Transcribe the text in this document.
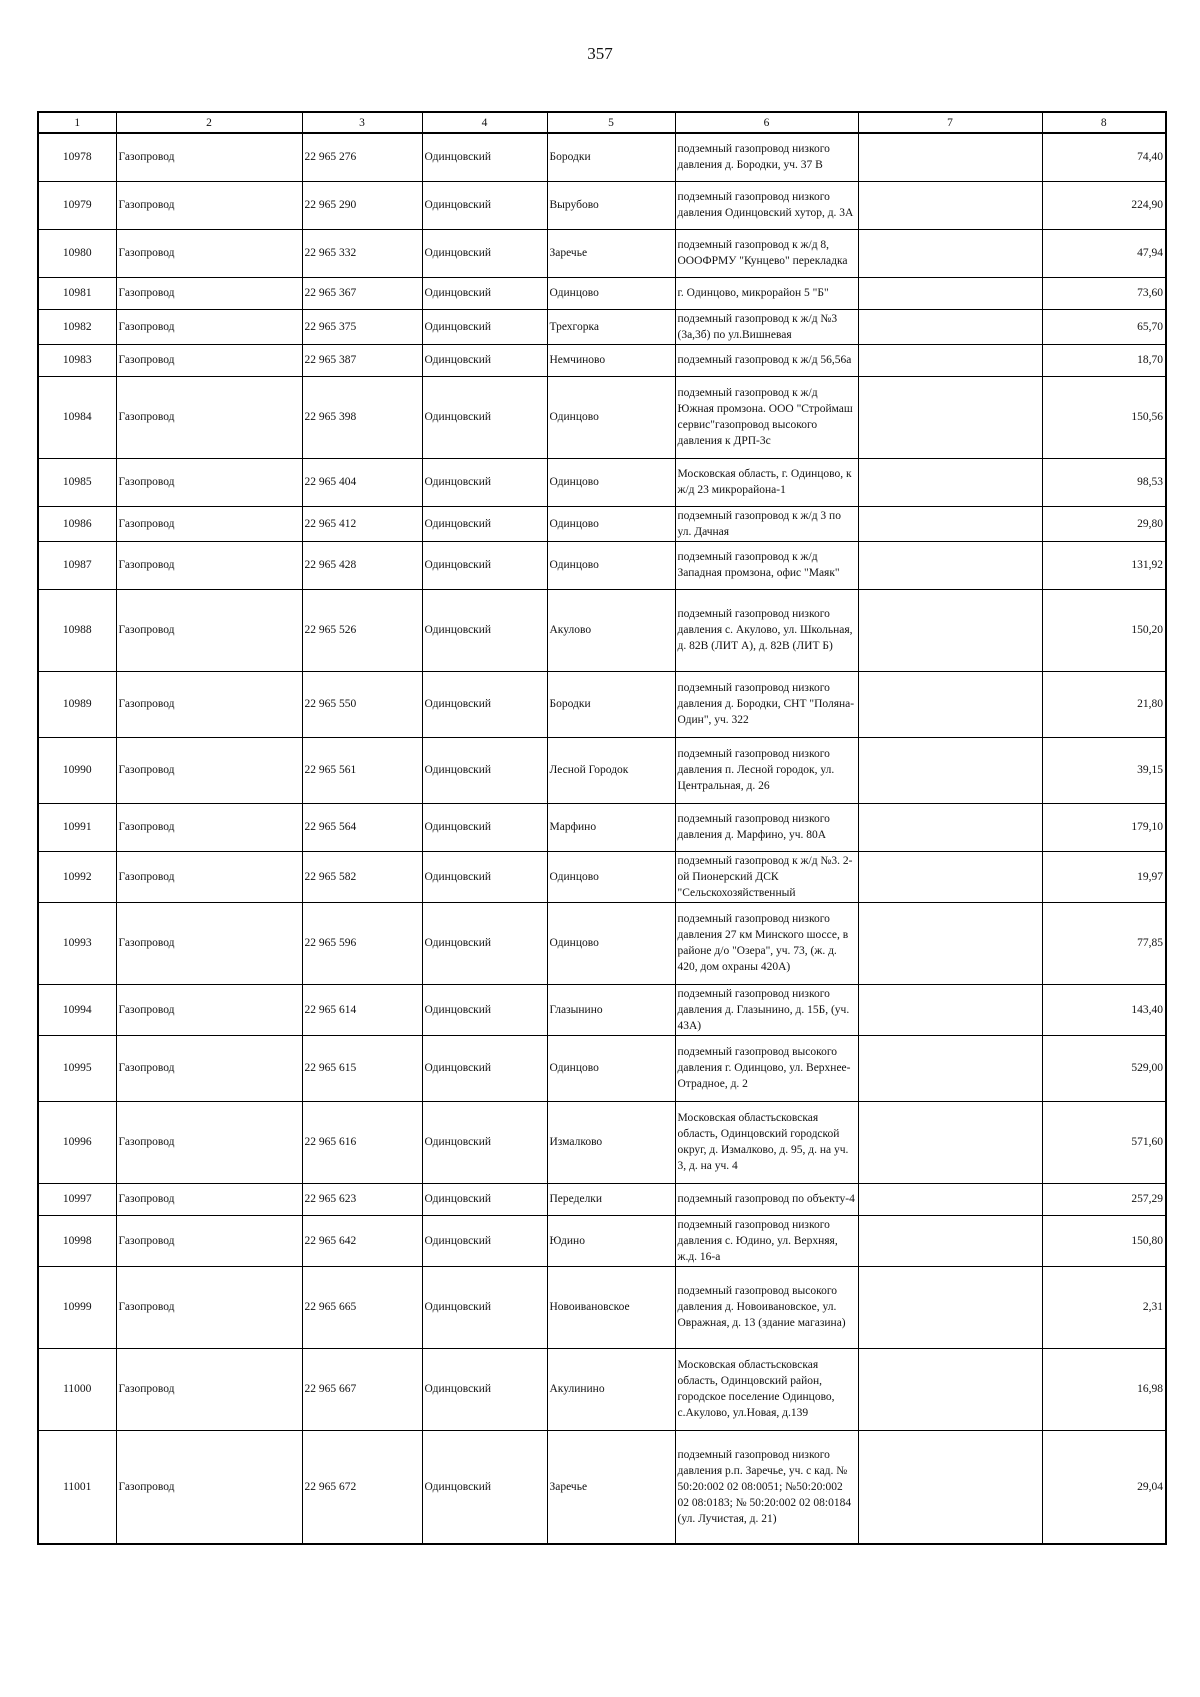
357
1	2	3	4	5	6	7	8
10978	Газопровод	22 965 276	Одинцовский	Бородки	подземный газопровод низкого давления д. Бородки, уч. 37 В		74,40
10979	Газопровод	22 965 290	Одинцовский	Вырубово	подземный газопровод низкого давления Одинцовский хутор, д. 3А		224,90
10980	Газопровод	22 965 332	Одинцовский	Заречье	подземный газопровод к ж/д 8, ОООФРМУ "Кунцево" перекладка		47,94
10981	Газопровод	22 965 367	Одинцовский	Одинцово	г. Одинцово, микрорайон 5 "Б"		73,60
10982	Газопровод	22 965 375	Одинцовский	Трехгорка	подземный газопровод к ж/д №3 (3а,3б) по ул.Вишневая		65,70
10983	Газопровод	22 965 387	Одинцовский	Немчиново	подземный газопровод к ж/д 56,56а		18,70
10984	Газопровод	22 965 398	Одинцовский	Одинцово	подземный газопровод к ж/д Южная промзона. ООО "Строймаш сервис"газопровод высокого давления к ДРП-3с		150,56
10985	Газопровод	22 965 404	Одинцовский	Одинцово	Московская область, г. Одинцово, к ж/д 23 микрорайона-1		98,53
10986	Газопровод	22 965 412	Одинцовский	Одинцово	подземный газопровод к ж/д 3 по ул. Дачная		29,80
10987	Газопровод	22 965 428	Одинцовский	Одинцово	подземный газопровод к ж/д Западная промзона, офис "Маяк"		131,92
10988	Газопровод	22 965 526	Одинцовский	Акулово	подземный газопровод низкого давления с. Акулово, ул. Школьная, д. 82В (ЛИТ А), д. 82В (ЛИТ Б)		150,20
10989	Газопровод	22 965 550	Одинцовский	Бородки	подземный газопровод низкого давления д. Бородки, СНТ "Поляна-Один", уч. 322		21,80
10990	Газопровод	22 965 561	Одинцовский	Лесной Городок	подземный газопровод низкого давления п. Лесной городок, ул. Центральная, д. 26		39,15
10991	Газопровод	22 965 564	Одинцовский	Марфино	подземный газопровод низкого давления д. Марфино, уч. 80А		179,10
10992	Газопровод	22 965 582	Одинцовский	Одинцово	подземный газопровод к ж/д №3. 2-ой Пионерский ДСК "Сельскохозяйственный		19,97
10993	Газопровод	22 965 596	Одинцовский	Одинцово	подземный газопровод низкого давления 27 км Минского шоссе, в районе д/о "Озера", уч. 73, (ж. д. 420, дом охраны 420А)		77,85
10994	Газопровод	22 965 614	Одинцовский	Глазынино	подземный газопровод низкого давления д. Глазынино, д. 15Б, (уч. 43А)		143,40
10995	Газопровод	22 965 615	Одинцовский	Одинцово	подземный газопровод высокого давления г. Одинцово, ул. Верхнее-Отрадное, д. 2		529,00
10996	Газопровод	22 965 616	Одинцовский	Измалково	Московская областьсковская область, Одинцовский городской округ, д. Измалково, д. 95, д. на уч. 3, д. на уч. 4		571,60
10997	Газопровод	22 965 623	Одинцовский	Переделки	подземный газопровод по объекту-4		257,29
10998	Газопровод	22 965 642	Одинцовский	Юдино	подземный газопровод низкого давления с. Юдино, ул. Верхняя, ж.д. 16-а		150,80
10999	Газопровод	22 965 665	Одинцовский	Новоивановское	подземный газопровод высокого давления д. Новоивановское, ул. Овражная, д. 13 (здание магазина)		2,31
11000	Газопровод	22 965 667	Одинцовский	Акулинино	Московская областьсковская область, Одинцовский район, городское поселение Одинцово, с.Акулово, ул.Новая, д.139		16,98
11001	Газопровод	22 965 672	Одинцовский	Заречье	подземный газопровод низкого давления р.п. Заречье, уч. с кад. № 50:20:002 02 08:0051; №50:20:002 02 08:0183; № 50:20:002 02 08:0184 (ул. Лучистая, д. 21)		29,04
